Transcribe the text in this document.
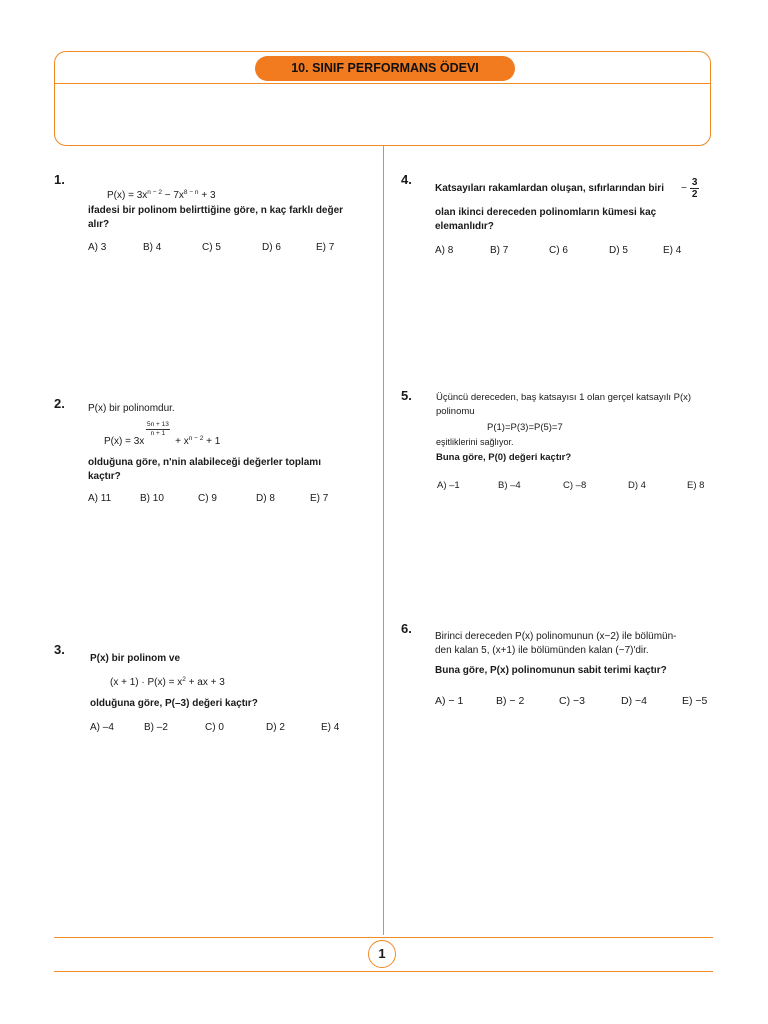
10. SINIF PERFORMANS ÖDEVI
1.
$P(x) = 3x^{n - 2} - 7x^{8 - n} + 3$
ifadesi bir polinom belirttiğine göre, n kaç farklı değer
alır?
A) 3	B) 4	C) 5	D) 6	E) 7
2. P(x) bir polinomdur.
$\frac{5n + 13}{n + 1}$
P(x) = 3x	+ $x^{n - 2} + 1$
olduğuna göre, n'nin alabileceği değerler toplamı
kaçtır?
A) 11	B) 10	C) 9	D) 8	E) 7
3.
P(x) bir polinom ve
$(x + 1) \cdot P(x) = x^2$ + ax + 3
olduğuna göre, P(–3) değeri kaçtır?
A) –4	B) –2	C) 0	D) 2	E) 4
4.
Katsayıları rakamlardan oluşan, sıfırlarından biri − $\frac{3}{2}$
olan ikinci dereceden polinomların kümesi kaç
elemanlıdır?
A) 8	B) 7	C) 6	D) 5	E) 4
5.	Üçüncü dereceden, baş katsayısı 1 olan gerçel katsayılı P(x)
polinomu
P(1)=P(3)=P(5)=7
eşitliklerini sağlıyor.
Buna göre, P(0) değeri kaçtır?
A) –1	B) –4	C) –8	D) 4	E) 8
6.
Birinci dereceden P(x) polinomunun (x−2) ile bölümün-
den kalan 5, (x+1) ile bölümünden kalan (−7)'dir.
Buna göre, P(x) polinomunun sabit terimi kaçtır?
A) − 1	B) − 2	C) −3	D) −4	E) −5
1
